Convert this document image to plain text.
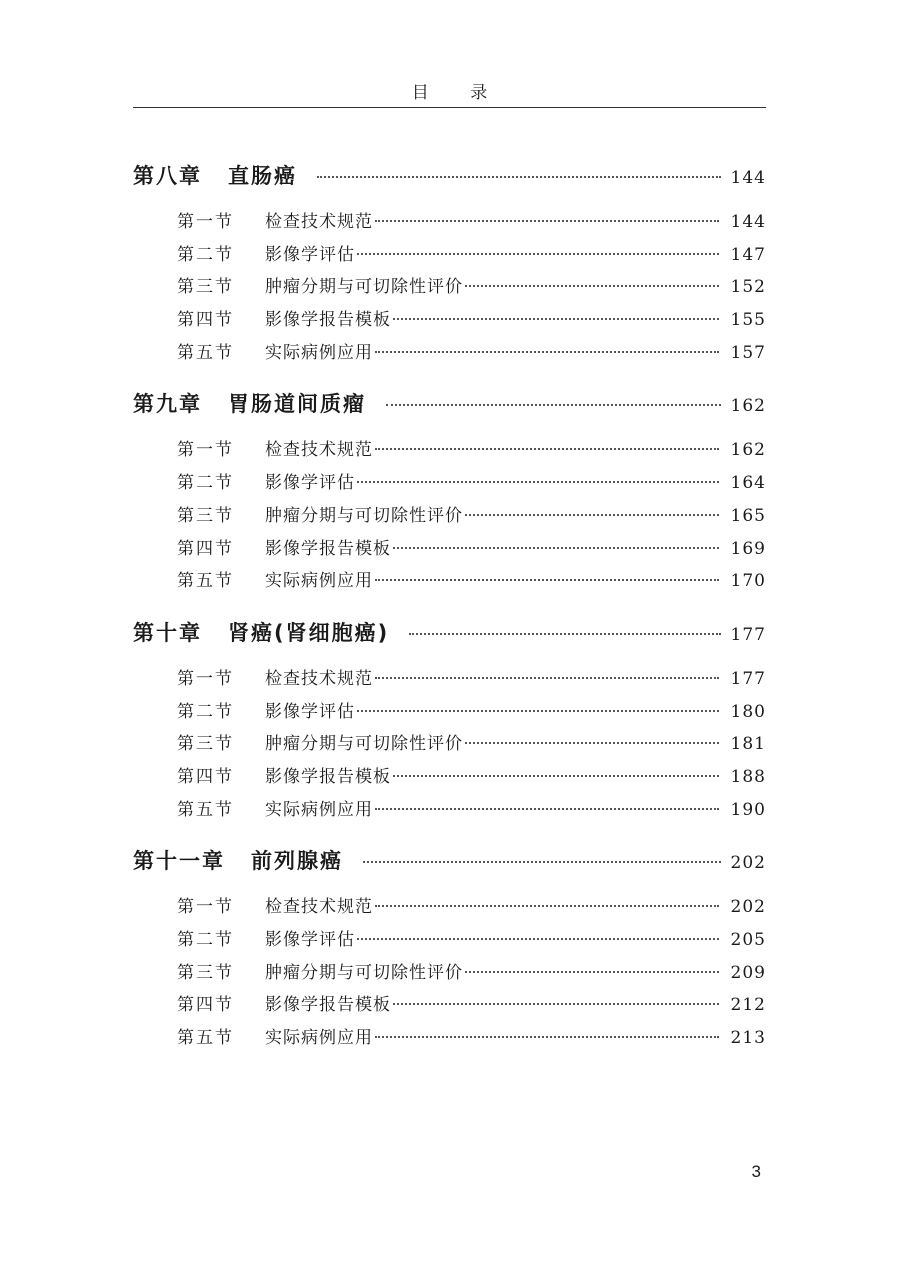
目 录
第八章 直肠癌	144
第一节	检查技术规范	144
第二节	影像学评估	147
第三节	肿瘤分期与可切除性评价	152
第四节	影像学报告模板	155
第五节	实际病例应用	157
第九章 胃肠道间质瘤	162
第一节	检查技术规范	162
第二节	影像学评估	164
第三节	肿瘤分期与可切除性评价	165
第四节	影像学报告模板	169
第五节	实际病例应用	170
第十章 肾癌(肾细胞癌)	177
第一节	检查技术规范	177
第二节	影像学评估	180
第三节	肿瘤分期与可切除性评价	181
第四节	影像学报告模板	188
第五节	实际病例应用	190
第十一章 前列腺癌	202
第一节	检查技术规范	202
第二节	影像学评估	205
第三节	肿瘤分期与可切除性评价	209
第四节	影像学报告模板	212
第五节	实际病例应用	213
3
